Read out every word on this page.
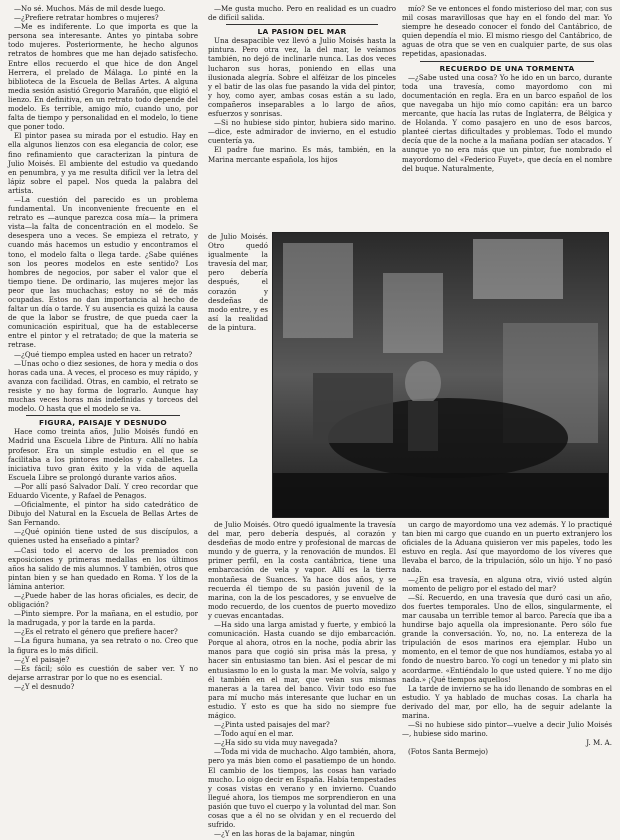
—No sé. Muchos. Más de mil desde luego.

—¿Prefiere retratar hombres o mujeres?

—Me es indiferente. Lo que importa es que la persona sea interesante. Antes yo pintaba sobre todo mujeres. Posteriormente, he hecho algunos retratos de hombres que me han dejado satisfecho. Entre ellos recuerdo el que hice de don Angel Herrera, el prelado de Málaga. Lo pinté en la biblioteca de la Escuela de Bellas Artes. A alguna media sesión asistió Gregorio Marañón, que eligió el lienzo. En definitiva, en un retrato todo depende del modelo. Es terrible, amigo mío, cuando uno, por falta de tiempo y personalidad en el modelo, lo tiene que poner todo.

El pintor pasea su mirada por el estudio. Hay en ella algunos lienzos con esa elegancia de color, ese fino refinamiento que caracterizan la pintura de Julio Moisés. El ambiente del estudio va quedando en penumbra, y ya me resulta difícil ver la letra del lápiz sobre el papel. Nos queda la palabra del artista.

—La cuestión del parecido es un problema fundamental. Un inconveniente frecuente en el retrato es —aunque parezca cosa mía— la primera vista—la falta de concentración en el modelo. Se desespera uno a veces. Se empieza el retrato, y cuando más hacemos un estudio y encontramos el tono, el modelo falta o llega tarde. ¿Sabe quiénes son los peores modelos en este sentido? Los hombres de negocios, por saber el valor que el tiempo tiene. De ordinario, las mujeres mejor las peor que las muchachas; estoy no sé de más ocupadas. Estos no dan importancia al hecho de faltar un día o tarde. Y su ausencia es quizá la causa de que la labor se frustre, de que pueda caer la comunicación espiritual, que ha de establecerse entre el pintor y el retratado; de que la materia se retrase.

—¿Qué tiempo emplea usted en hacer un retrato?

—Unas ocho o diez sesiones, de hora y media o dos horas cada una. A veces, el proceso es muy rápido, y avanza con facilidad. Otras, en cambio, el retrato se resiste y no hay forma de lograrlo. Aunque hay muchas veces horas más indefinidas y torceos del modelo. O hasta que el modelo se va.

FIGURA, PAISAJE Y DESNUDO

Hace como treinta años, Julio Moisés fundó en Madrid una Escuela Libre de Pintura. Allí no había profesor. Era un simple estudio en el que se facilitaba a los pintores modelos y caballetes. La iniciativa tuvo gran éxito y la vida de aquella Escuela Libre se prolongó durante varios años.

—Por allí pasó Salvador Dalí. Y creo recordar que Eduardo Vicente, y Rafael de Penagos.

—Oficialmente, el pintor ha sido catedrático de Dibujo del Natural en la Escuela de Bellas Artes de San Fernando.

—¿Qué opinión tiene usted de sus discípulos, a quienes usted ha enseñado a pintar?

—Casi todo el acervo de los premiados con exposiciones y primeras medallas en los últimos años ha salido de mis alumnos. Y también, otros que pintan bien y se han quedado en Roma. Y los de la lámina anterior.

—¿Puede haber de las horas oficiales, es decir, de obligación?

—Pinto siempre. Por la mañana, en el estudio, por la madrugada, y por la tarde en la parda.

—¿Es el retrato el género que prefiere hacer?

—La figura humana, ya sea retrato o no. Creo que la figura es lo más difícil.

—¿Y el paisaje?

—Es fácil; sólo es cuestión de saber ver. Y no dejarse arrastrar por lo que no es esencial.

—¿Y el desnudo?

—Me gusta mucho. Pero en realidad es un cuadro de difícil salida.

LA PASION DEL MAR

Una desapacible vez llevó a Julio Moisés hasta la pintura. Pero otra vez, la del mar, le veíamos también, no dejó de inclinarle nunca. Las dos veces lucharon sus horas, poniendo en ellas una ilusionada alegría. Sobre el alféizar de los pinceles y el batir de las olas fue pasando la vida del pintor, y hoy, como ayer, ambas cosas están a su lado, compañeros inseparables a lo largo de años, esfuerzos y sonrisas.

—Si no hubiese sido pintor, hubiera sido marino. —dice, este admirador de invierno, en el estudio cuentería ya.

El padre fue marino. Es más, también, en la Marina mercante española, los hijos

mío? Se ve entonces el fondo misterioso del mar, con sus mil cosas maravillosas que hay en el fondo del mar. Yo siempre he deseado conocer el fondo del Cantábrico, de quien dependía el mio. El mismo riesgo del Cantábrico, de aguas de otra que se ven en cualquier parte, de sus olas repetidas, apasionadas.

RECUERDO DE UNA TORMENTA

—¿Sabe usted una cosa? Yo he ido en un barco, durante toda una travesía, como mayordomo con mi documentación en regla. Era en un barco español de los que navegaba un hijo mío como capitán: era un barco mercante, que hacía las rutas de Inglaterra, de Bélgica y de Holanda. Y como pasajero en uno de esos barcos, planteé ciertas dificultades y problemas. Todo el mundo decía que de la noche a la mañana podían ser atacados. Y aunque yo no era más que un pintor, fue nombrado el mayordomo del «Federico Fuyet», que decía en el nombre del buque. Naturalmente,

de Julio Moisés. Otro quedó igualmente la travesía del mar, pero debería después, el corazón y desdeñas de modo entre, y es así la realidad de la pintura.

de Julio Moisés. Otro quedó igualmente la travesía del mar, pero debería después, al corazón y desdeñas de modo entre y profesional de marcas de mundo y de guerra, y la renovación de mundos. El primer perfil, en la costa cantábrica, tiene una embarcación de vela y vapor. Allí es la tierra montañesa de Suances. Ya hace dos años, y se recuerda él tiempo de su pasión juvenil de la marina, con la de los pescadores, y se envuelve de modo recuerdo, de los cuentos de puerto movedizo y cuevas encantadas.

—Ha sido una larga amistad y fuerte, y embicó la comunicación. Hasta cuando se dijo embarcación. Porque al ahora, otros en la noche, podía abrir las manos para que cogió sin prisa más la presa, y hacer sin entusiasmo tan bien. Así el pescar de mi entusiasmo lo en lo gusta la mar. Me volvía, salgo y él también en el mar, que veían sus mismas maneras a la tarea del banco. Vivir todo eso fue para mí mucho más interesante que luchar en un estudio. Y esto es que ha sido no siempre fue mágico.

—¿Pinta usted paisajes del mar?

—Todo aquí en el mar.

—¿Ha sido su vida muy navegada?

—Toda mi vida de muchacho. Algo también, ahora, pero ya más bien como el pasatiempo de un hondo. El cambio de los tiempos, las cosas han variado mucho. Lo oigo decir en España. Había tempestades y cosas vistas en verano y en invierno. Cuando llegué ahora, los tiempos me sorprendieron en una pasión que tuvo el cuerpo y la voluntad del mar. Son cosas que a él no se olvidan y en el recuerdo del sufrido.

—¿Y en las horas de la bajamar, ningún

un cargo de mayordomo una vez además. Y lo practiqué tan bien mi cargo que cuando en un puerto extranjero los oficiales de la Aduana quisieron ver mis papeles, todo les estuvo en regla. Así que mayordomo de los víveres que llevaba el barco, de la tripulación, sólo un hijo. Y no pasó nada.

—¿En esa travesía, en alguna otra, vivió usted algún momento de peligro por el estado del mar?

—Sí. Recuerdo, en una travesía que duró casi un año, dos fuertes temporales. Uno de ellos, singularmente, el mar causaba un terrible temor al barco. Parecía que iba a hundirse bajo aquella ola impresionante. Pero sólo fue grande la conversación. Yo, no, no. La entereza de la tripulación de esos marinos era ejemplar. Hubo un momento, en el temor de que nos hundíamos, estaba yo al fondo de nuestro barco. Yo cogí un tenedor y mi plato sin acordarme. «Entiéndalo lo que usted quiere. Y no me dijo nada.» ¡Qué tiempos aquellos!

La tarde de invierno se ha ido llenando de sombras en el estudio. Y ya hablado de muchas cosas. La charla ha derivado del mar, por ello, ha de seguir adelante la marina.

—Si no hubiese sido pintor—vuelve a decir Julio Moisés—, hubiese sido marino.

J. M. A.

(Fotos Santa Bermejo)
